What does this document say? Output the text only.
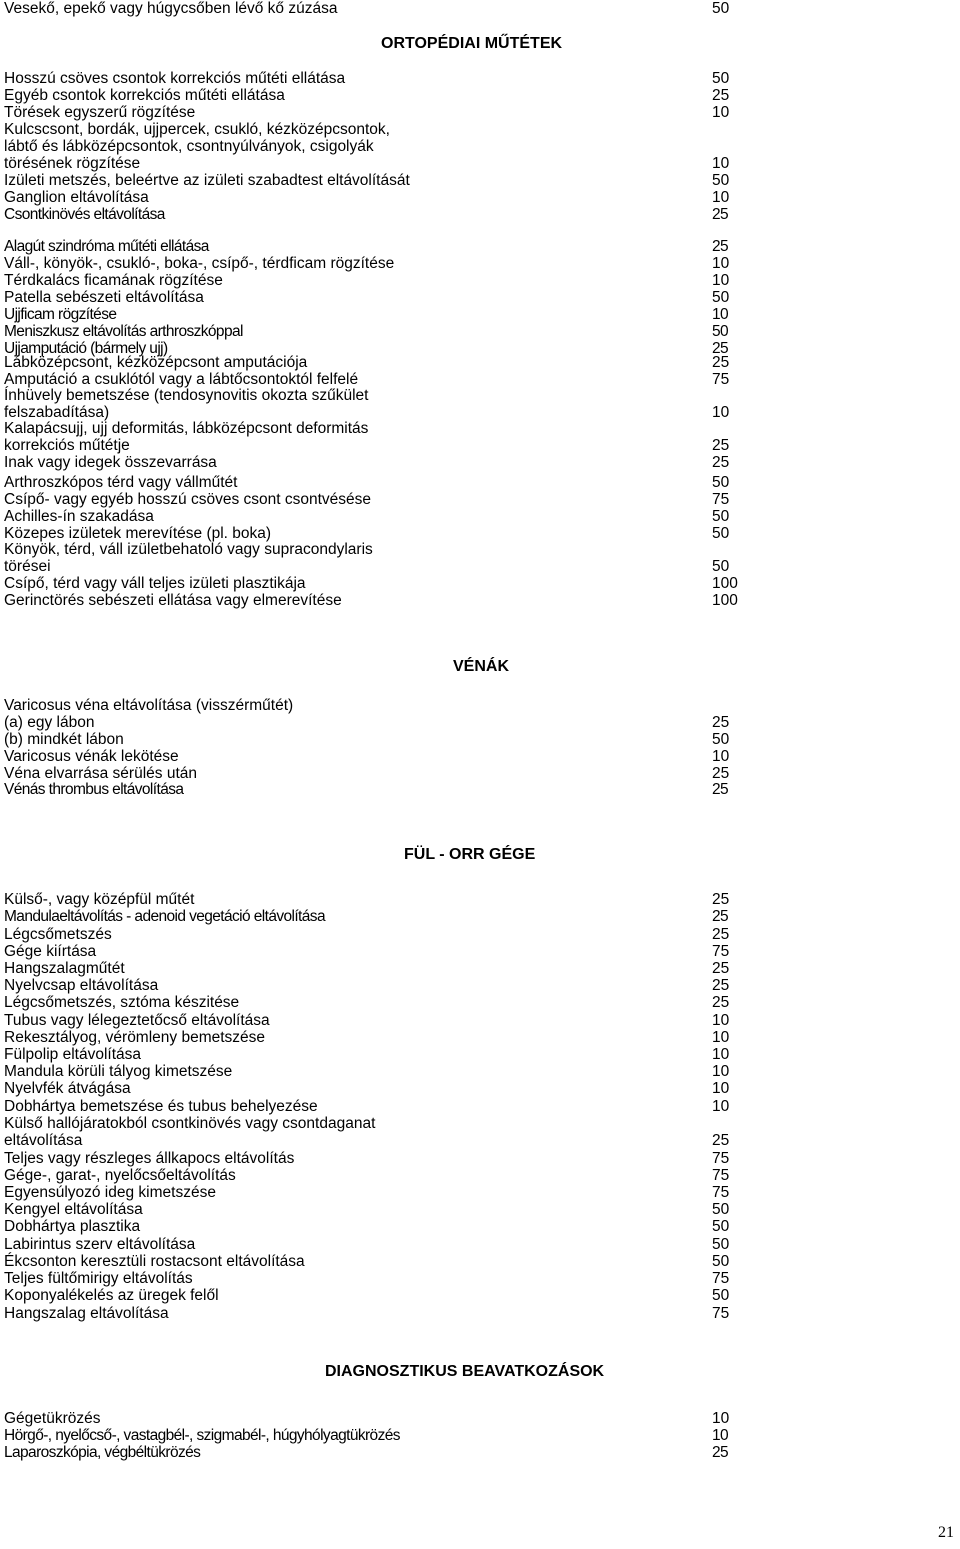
Vesekő, epekő vagy húgycsőben lévő kő zúzása	50
ORTOPÉDIAI MŰTÉTEK
Hosszú csöves csontok korrekciós műtéti ellátása	50
Egyéb csontok korrekciós műtéti ellátása	25
Törések egyszerű rögzítése	10

Kulcscsont, bordák, ujjpercek, csukló, kézközépcsontok,
lábtő és lábközépcsontok, csontnyúlványok, csigolyák
törésének rögzítése	10

Izületi metszés, beleértve az izületi szabadtest eltávolítását	50
Ganglion eltávolítása	10
Csontkinövés eltávolítása	25
Alagút szindróma műtéti ellátása	25
Váll-, könyök-, csukló-, boka-, csípő-, térdficam rögzítése	10
Térdkalács ficamának rögzítése	10
Patella sebészeti eltávolítása	50
Ujjficam rögzítése	10
Meniszkusz eltávolítás arthroszkóppal	50
Ujjamputáció (bármely ujj)	25
Lábközépcsont, kézközépcsont amputációja	25
Amputáció a csuklótól vagy a lábtőcsontoktól felfelé	75

Ínhüvely bemetszése (tendosynovitis okozta szűkület
felszabadítása)	10

Kalapácsujj, ujj deformitás, lábközépcsont deformitás
korrekciós műtétje	25

Inak vagy idegek összevarrása	25
Arthroszkópos térd vagy vállműtét	50
Csípő- vagy egyéb hosszú csöves csont csontvésése	75
Achilles-ín szakadása	50
Közepes izületek merevítése (pl. boka)	50

Könyök, térd, váll izületbehatoló vagy supracondylaris
törései	50

Csípő, térd vagy váll teljes izületi plasztikája	100
Gerinctörés sebészeti ellátása vagy elmerevítése	100
VÉNÁK
Varicosus véna eltávolítása (visszérműtét)
(a) egy lábon	25
(b) mindkét lábon	50
Varicosus vénák lekötése	10
Véna elvarrása sérülés után	25
Vénás thrombus eltávolítása	25
FÜL - ORR GÉGE
Külső-, vagy középfül műtét	25
Mandulaeltávolítás - adenoid vegetáció eltávolítása	25
Légcsőmetszés	25
Gége kiírtása	75
Hangszalagműtét	25
Nyelvcsap eltávolítása	25
Légcsőmetszés, sztóma készitése	25
Tubus vagy lélegeztetőcső eltávolítása	10
Rekesztályog, vérömleny bemetszése	10
Fülpolip eltávolítása	10
Mandula körüli tályog kimetszése	10
Nyelvfék átvágása	10
Dobhártya bemetszése és tubus behelyezése	10

Külső hallójáratokból csontkinövés vagy csontdaganat
eltávolítása	25

Teljes vagy részleges állkapocs eltávolítás	75
Gége-, garat-, nyelőcsőeltávolítás	75
Egyensúlyozó ideg kimetszése	75
Kengyel eltávolítása	50
Dobhártya plasztika	50
Labirintus szerv eltávolítása	50
Ékcsonton keresztüli rostacsont eltávolítása	50
Teljes fültőmirigy eltávolítás	75
Koponyalékelés az üregek felől	50
Hangszalag eltávolítása	75
DIAGNOSZTIKUS BEAVATKOZÁSOK
Gégetükrözés	10
Hörgő-, nyelőcső-, vastagbél-, szigmabél-, húgyhólyagtükrözés	10
Laparoszkópia, végbéltükrözés	25
21
